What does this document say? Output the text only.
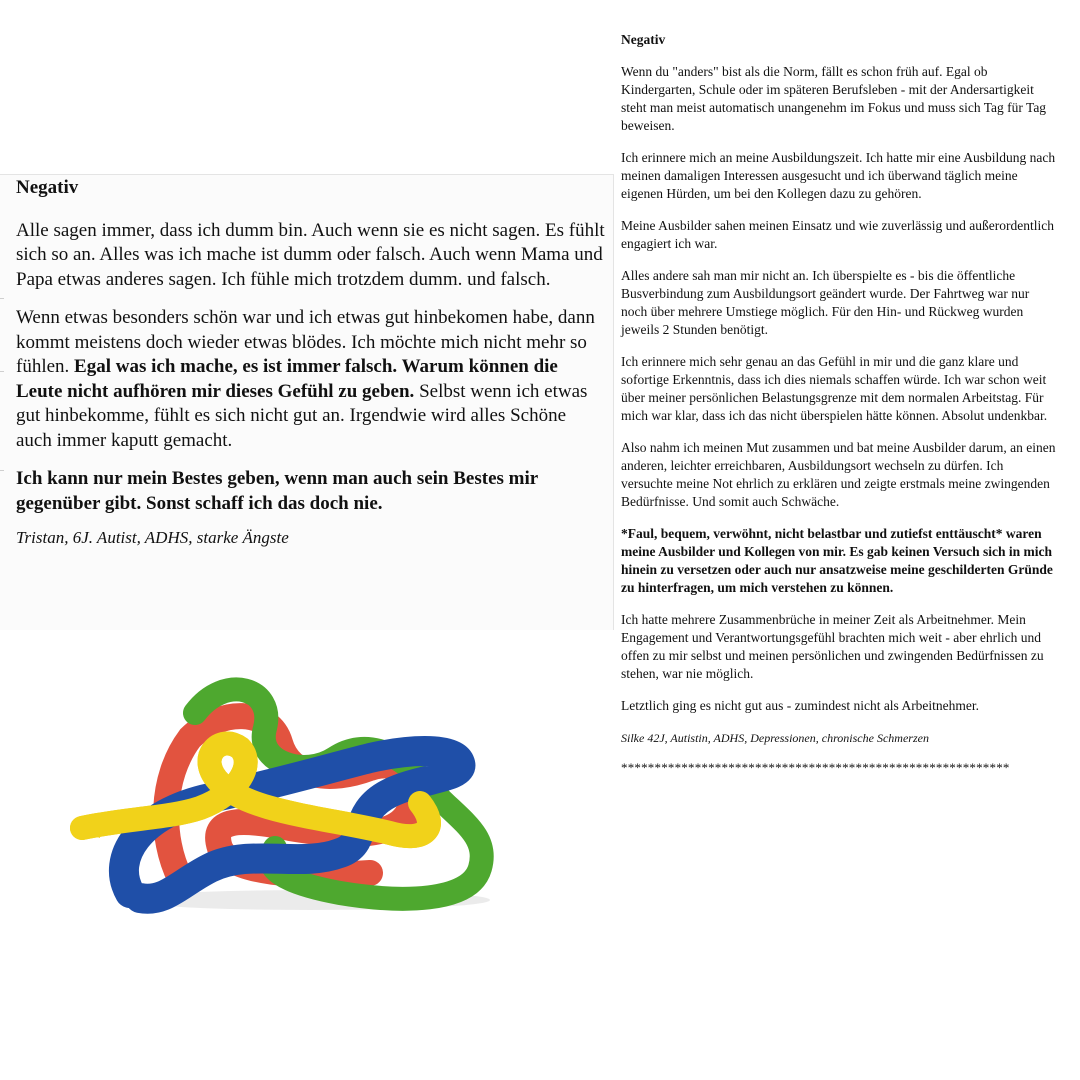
Negativ

Alle sagen immer, dass ich dumm bin. Auch wenn sie es nicht sagen. Es fühlt sich so an. Alles was ich mache ist dumm oder falsch. Auch wenn Mama und Papa etwas anderes sagen. Ich fühle mich trotzdem dumm. und falsch.

Wenn etwas besonders schön war und ich etwas gut hinbekomen habe, dann kommt meistens doch wieder etwas blödes. Ich möchte mich nicht mehr so fühlen. Egal was ich mache, es ist immer falsch. Warum können die Leute nicht aufhören mir dieses Gefühl zu geben. Selbst wenn ich etwas gut hinbekomme, fühlt es sich nicht gut an. Irgendwie wird alles Schöne auch immer kaputt gemacht.

Ich kann nur mein Bestes geben, wenn man auch sein Bestes mir gegenüber gibt. Sonst schaff ich das doch nie.

Tristan, 6J. Autist, ADHS, starke Ängste

Negativ

Wenn du "anders" bist als die Norm, fällt es schon früh auf. Egal ob Kindergarten, Schule oder im späteren Berufsleben - mit der Andersartigkeit steht man meist automatisch unangenehm im Fokus und muss sich Tag für Tag beweisen.

Ich erinnere mich an meine Ausbildungszeit. Ich hatte mir eine Ausbildung nach meinen damaligen Interessen ausgesucht und ich überwand täglich meine eigenen Hürden, um bei den Kollegen dazu zu gehören.

Meine Ausbilder sahen meinen Einsatz und wie zuverlässig und außerordentlich engagiert ich war.

Alles andere sah man mir nicht an. Ich überspielte es - bis die öffentliche Busverbindung zum Ausbildungsort geändert wurde. Der Fahrtweg war nur noch über mehrere Umstiege möglich. Für den Hin- und Rückweg wurden jeweils 2 Stunden benötigt.

Ich erinnere mich sehr genau an das Gefühl in mir und die ganz klare und sofortige Erkenntnis, dass ich dies niemals schaffen würde. Ich war schon weit über meiner persönlichen Belastungsgrenze mit dem normalen Arbeitstag. Für mich war klar, dass ich das nicht überspielen hätte können. Absolut undenkbar.

Also nahm ich meinen Mut zusammen und bat meine Ausbilder darum, an einen anderen, leichter erreichbaren, Ausbildungsort wechseln zu dürfen. Ich versuchte meine Not ehrlich zu erklären und zeigte erstmals meine zwingenden Bedürfnisse. Und somit auch Schwäche.

*Faul, bequem, verwöhnt, nicht belastbar und zutiefst enttäuscht* waren meine Ausbilder und Kollegen von mir. Es gab keinen Versuch sich in mich hinein zu versetzen oder auch nur ansatzweise meine geschilderten Gründe zu hinterfragen, um mich verstehen zu können.

Ich hatte mehrere Zusammenbrüche in meiner Zeit als Arbeitnehmer. Mein Engagement und Verantwortungsgefühl brachten mich weit - aber ehrlich und offen zu mir selbst und meinen persönlichen und zwingenden Bedürfnissen zu stehen, war nie möglich.

Letztlich ging es nicht gut aus - zumindest nicht als Arbeitnehmer.

Silke 42J, Autistin, ADHS, Depressionen, chronische Schmerzen

**********************************************************
